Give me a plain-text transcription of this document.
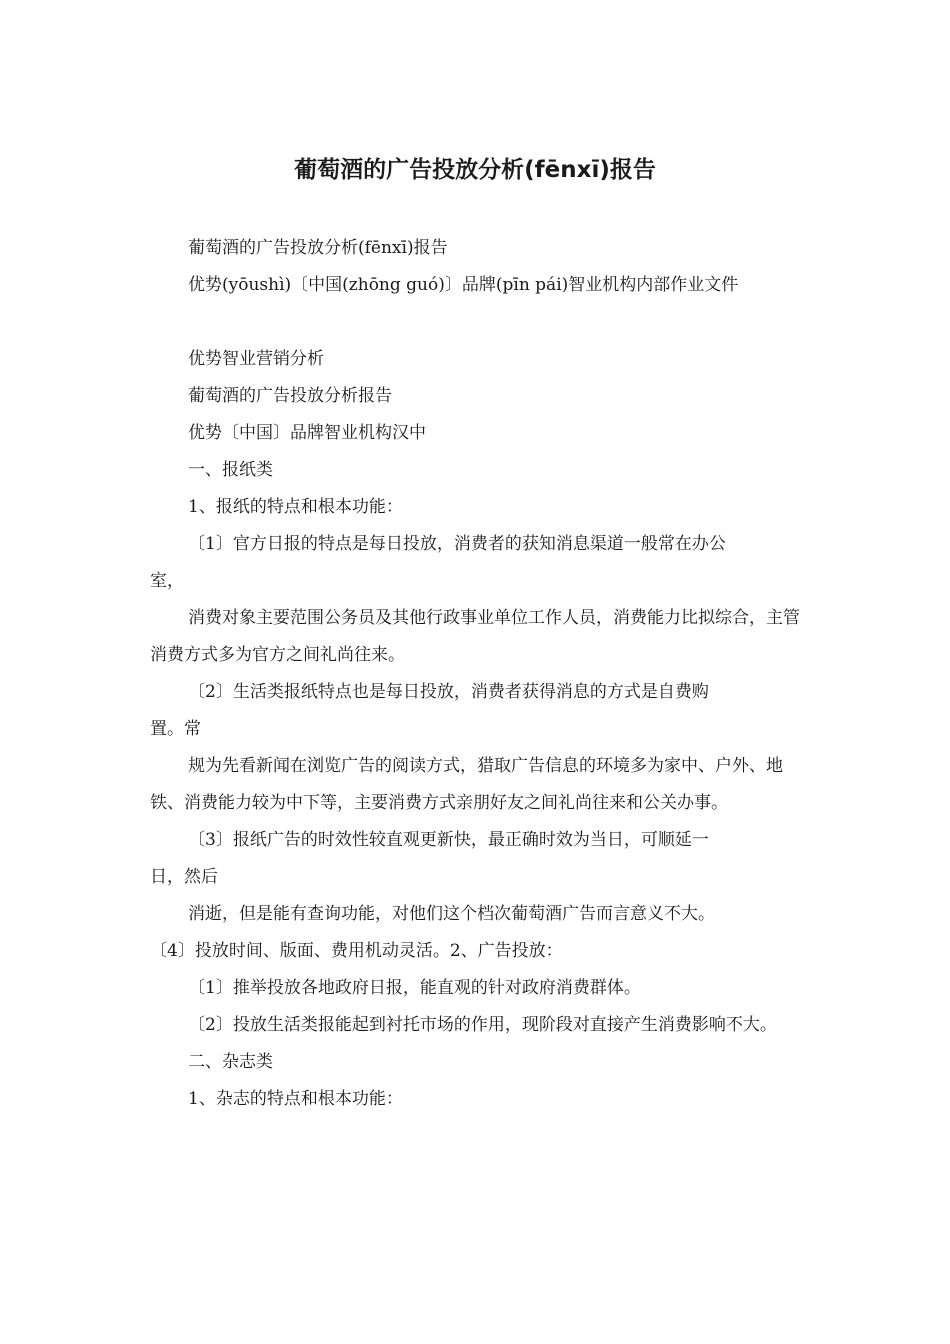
葡萄酒的广告投放分析(fēnxī)报告

葡萄酒的广告投放分析(fēnxī)报告

优势(yōushì)〔中国(zhōng guó)〕品牌(pīn pái)智业机构内部作业文件

优势智业营销分析

葡萄酒的广告投放分析报告

优势〔中国〕品牌智业机构汉中

一、报纸类

1、报纸的特点和根本功能：

〔1〕官方日报的特点是每日投放，消费者的获知消息渠道一般常在办公

室，

消费对象主要范围公务员及其他行政事业单位工作人员，消费能力比拟综合，主管消费方式多为官方之间礼尚往来。

〔2〕生活类报纸特点也是每日投放，消费者获得消息的方式是自费购

置。常

规为先看新闻在浏览广告的阅读方式，猎取广告信息的环境多为家中、户外、地铁、消费能力较为中下等，主要消费方式亲朋好友之间礼尚往来和公关办事。

〔3〕报纸广告的时效性较直观更新快，最正确时效为当日，可顺延一

日，然后

消逝，但是能有查询功能，对他们这个档次葡萄酒广告而言意义不大。

〔4〕投放时间、版面、费用机动灵活。2、广告投放：

〔1〕推举投放各地政府日报，能直观的针对政府消费群体。

〔2〕投放生活类报能起到衬托市场的作用，现阶段对直接产生消费影响不大。

二、杂志类

1、杂志的特点和根本功能：
